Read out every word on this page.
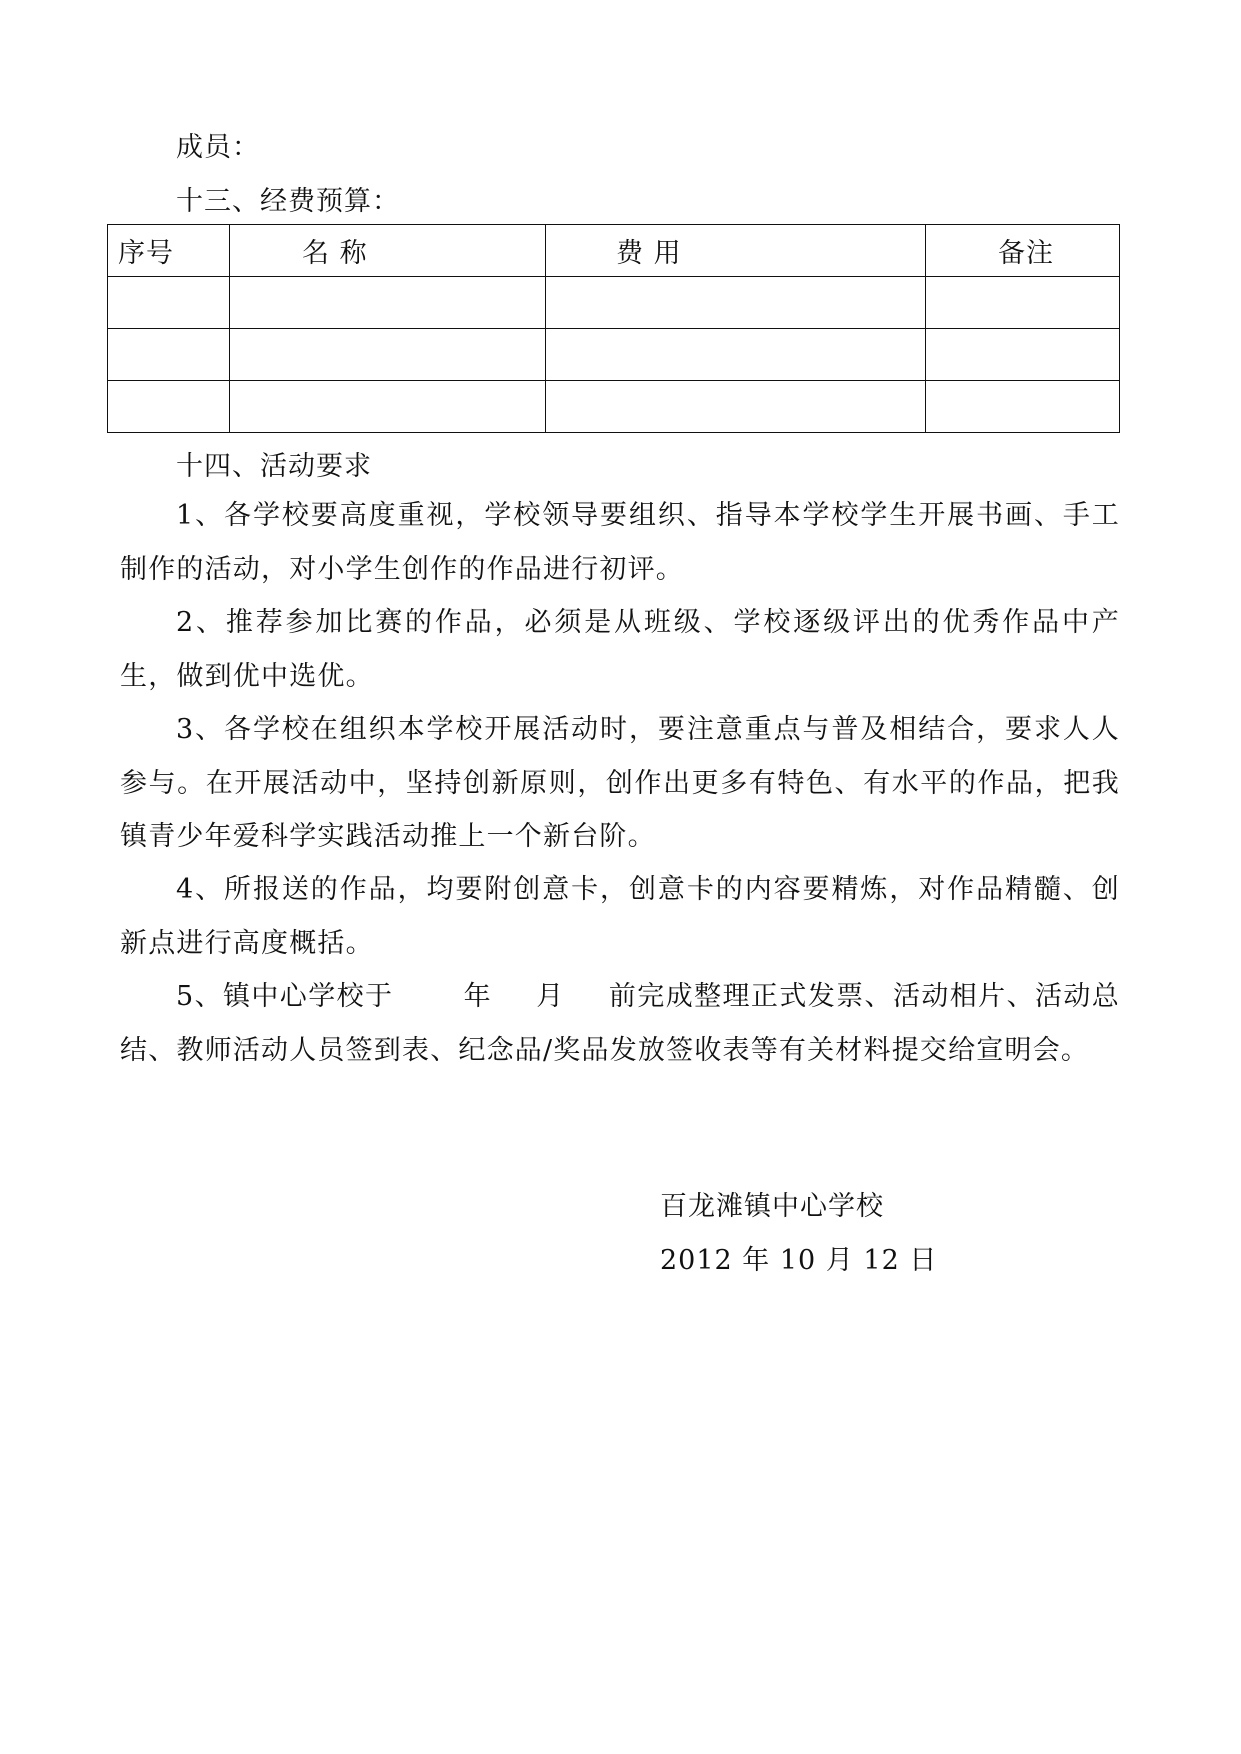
成员：
十三、经费预算：
序号	名 称	费 用	备注

十四、活动要求

1、各学校要高度重视，学校领导要组织、指导本学校学生开展书画、手工制作的活动，对小学生创作的作品进行初评。

2、推荐参加比赛的作品，必须是从班级、学校逐级评出的优秀作品中产生，做到优中选优。

3、各学校在组织本学校开展活动时，要注意重点与普及相结合，要求人人参与。在开展活动中，坚持创新原则，创作出更多有特色、有水平的作品，把我镇青少年爱科学实践活动推上一个新台阶。

4、所报送的作品，均要附创意卡，创意卡的内容要精炼，对作品精髓、创新点进行高度概括。

5、镇中心学校于	年 月 前完成整理正式发票、活动相片、活动总结、教师活动人员签到表、纪念品/奖品发放签收表等有关材料提交给宣明会。

百龙滩镇中心学校
2012 年 10 月 12 日
